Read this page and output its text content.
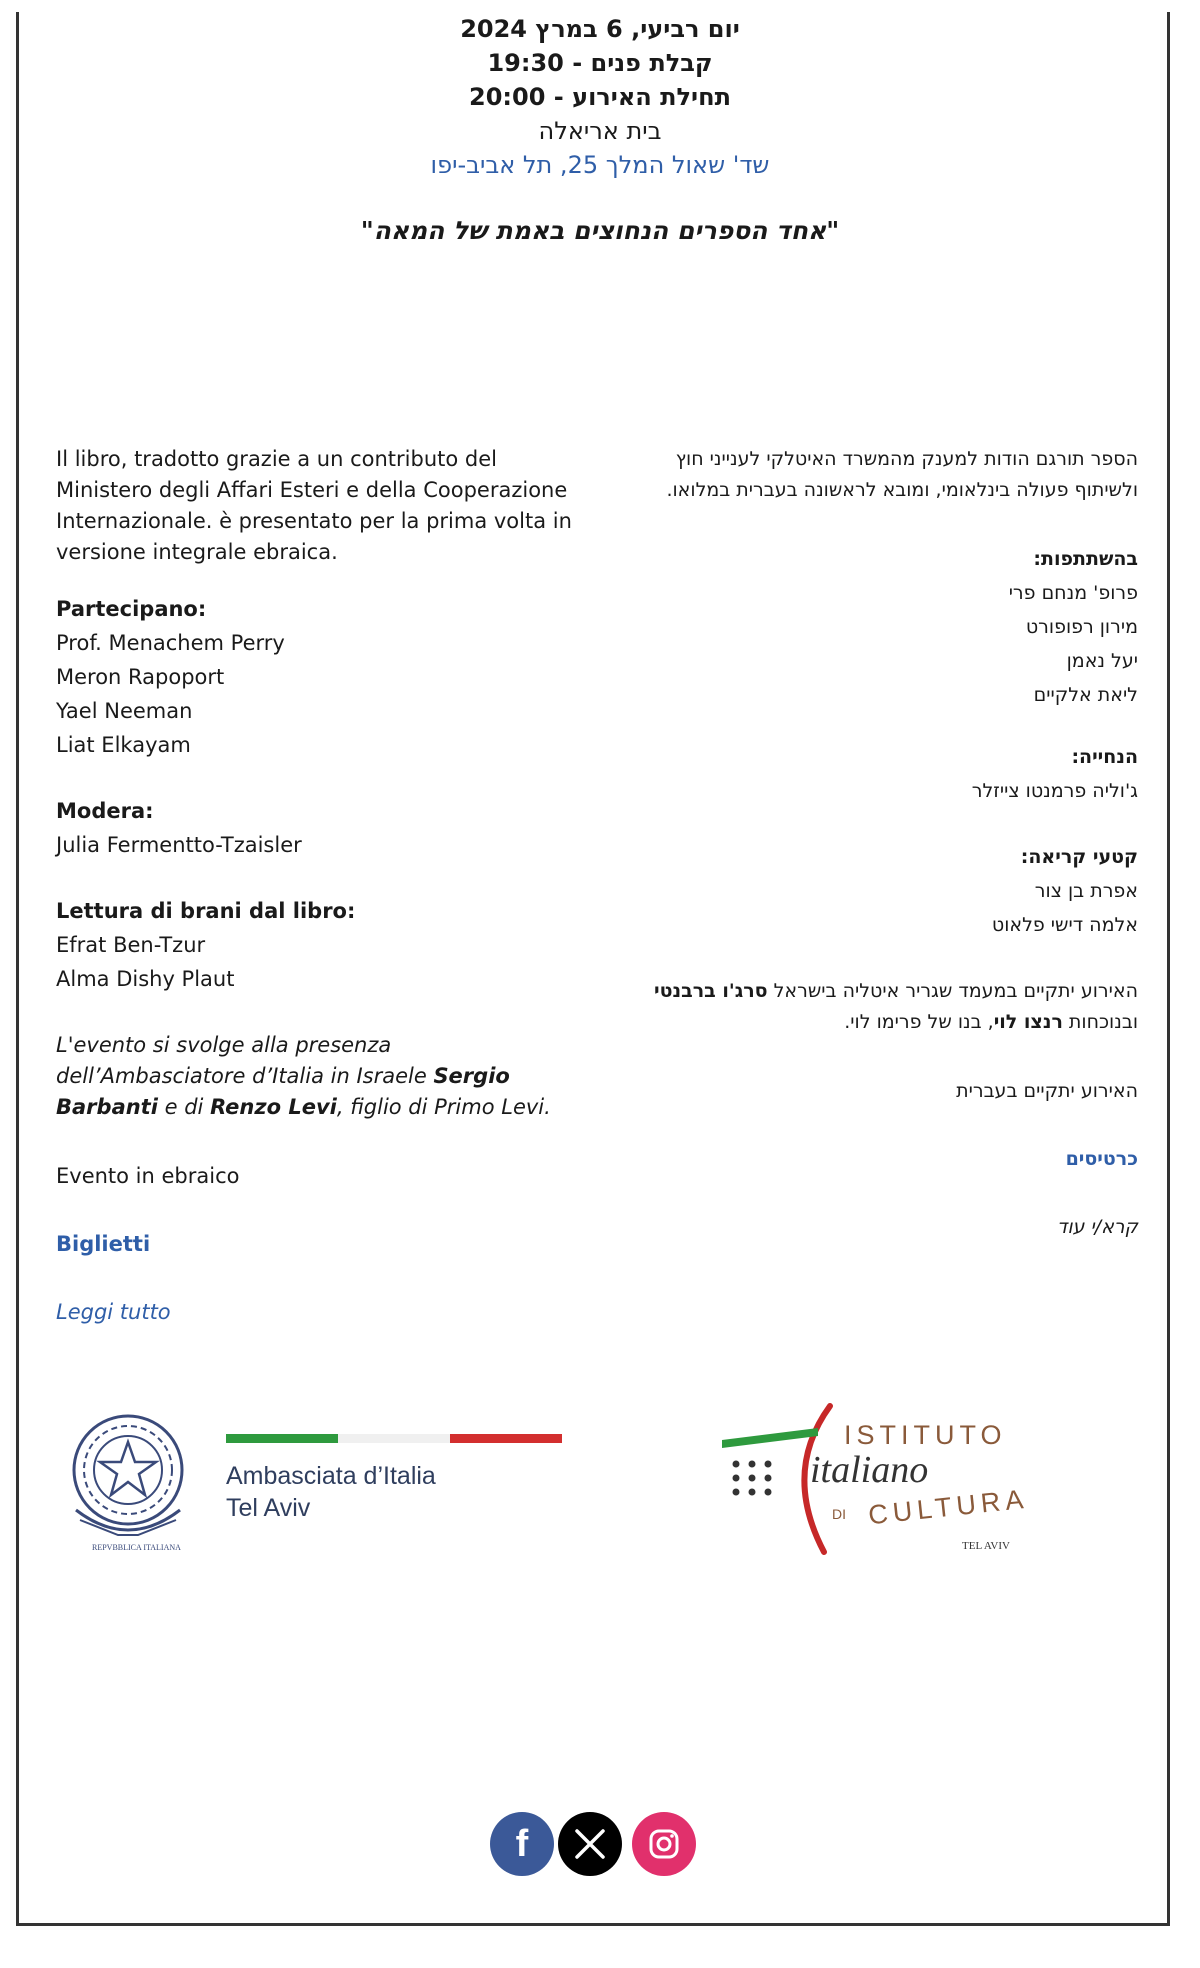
יום רביעי, 6 במרץ 2024
קבלת פנים - 19:30
תחילת האירוע - 20:00
בית אריאלה
שד' שאול המלך 25, תל אביב-יפו
"אחד הספרים הנחוצים באמת של המאה"
Il libro, tradotto grazie a un contributo del Ministero degli Affari Esteri e della Cooperazione Internazionale. è presentato per la prima volta in versione integrale ebraica.
Partecipano:
Prof. Menachem Perry
Meron Rapoport
Yael Neeman
Liat Elkayam
Modera:
Julia Fermentto-Tzaisler
Lettura di brani dal libro:
Efrat Ben-Tzur
Alma Dishy Plaut
L'evento si svolge alla presenza dell’Ambasciatore d’Italia in Israele Sergio Barbanti e di Renzo Levi, figlio di Primo Levi.
Evento in ebraico
Biglietti
Leggi tutto
הספר תורגם הודות למענק מהמשרד האיטלקי לענייני חוץ ולשיתוף פעולה בינלאומי, ומובא לראשונה בעברית במלואו.
בהשתתפות:
פרופ' מנחם פרי
מירון רפופורט
יעל נאמן
ליאת אלקיים
הנחייה:
ג'וליה פרמנטו צייזלר
קטעי קריאה:
אפרת בן צור
אלמה דישי פלאוט
האירוע יתקיים במעמד שגריר איטליה בישראל סרג'ו ברבנטי ובנוכחות רנצו לוי, בנו של פרימו לוי.
האירוע יתקיים בעברית
כרטיסים
קרא/י עוד
REPVBBLICA ITALIANA
Ambasciata d’Italia
Tel Aviv
ISTITUTO
italiano
DI CULTURA
TEL AVIV
f
